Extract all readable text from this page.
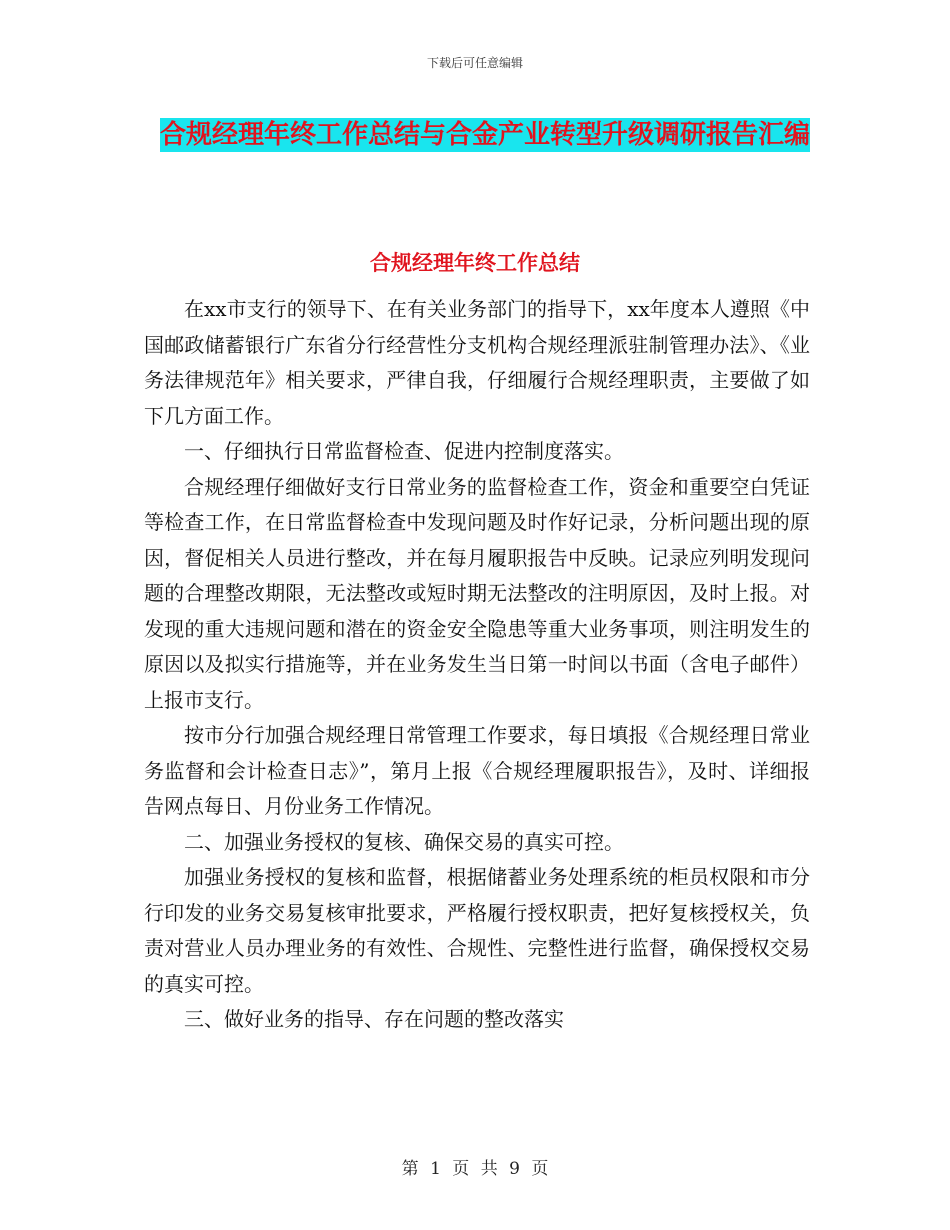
下载后可任意编辑
合规经理年终工作总结与合金产业转型升级调研报告汇编
合规经理年终工作总结

在xx市支行的领导下、在有关业务部门的指导下，xx年度本人遵照《中国邮政储蓄银行广东省分行经营性分支机构合规经理派驻制管理办法》、《业务法律规范年》相关要求，严律自我，仔细履行合规经理职责，主要做了如下几方面工作。

一、仔细执行日常监督检查、促进内控制度落实。

合规经理仔细做好支行日常业务的监督检查工作，资金和重要空白凭证等检查工作，在日常监督检查中发现问题及时作好记录，分析问题出现的原因，督促相关人员进行整改，并在每月履职报告中反映。记录应列明发现问题的合理整改期限，无法整改或短时期无法整改的注明原因，及时上报。对发现的重大违规问题和潜在的资金安全隐患等重大业务事项，则注明发生的原因以及拟实行措施等，并在业务发生当日第一时间以书面（含电子邮件）上报市支行。

按市分行加强合规经理日常管理工作要求，每日填报《合规经理日常业务监督和会计检查日志》”，第月上报《合规经理履职报告》，及时、详细报告网点每日、月份业务工作情况。

二、加强业务授权的复核、确保交易的真实可控。

加强业务授权的复核和监督，根据储蓄业务处理系统的柜员权限和市分行印发的业务交易复核审批要求，严格履行授权职责，把好复核授权关，负责对营业人员办理业务的有效性、合规性、完整性进行监督，确保授权交易的真实可控。

三、做好业务的指导、存在问题的整改落实

第 1 页 共 9 页
